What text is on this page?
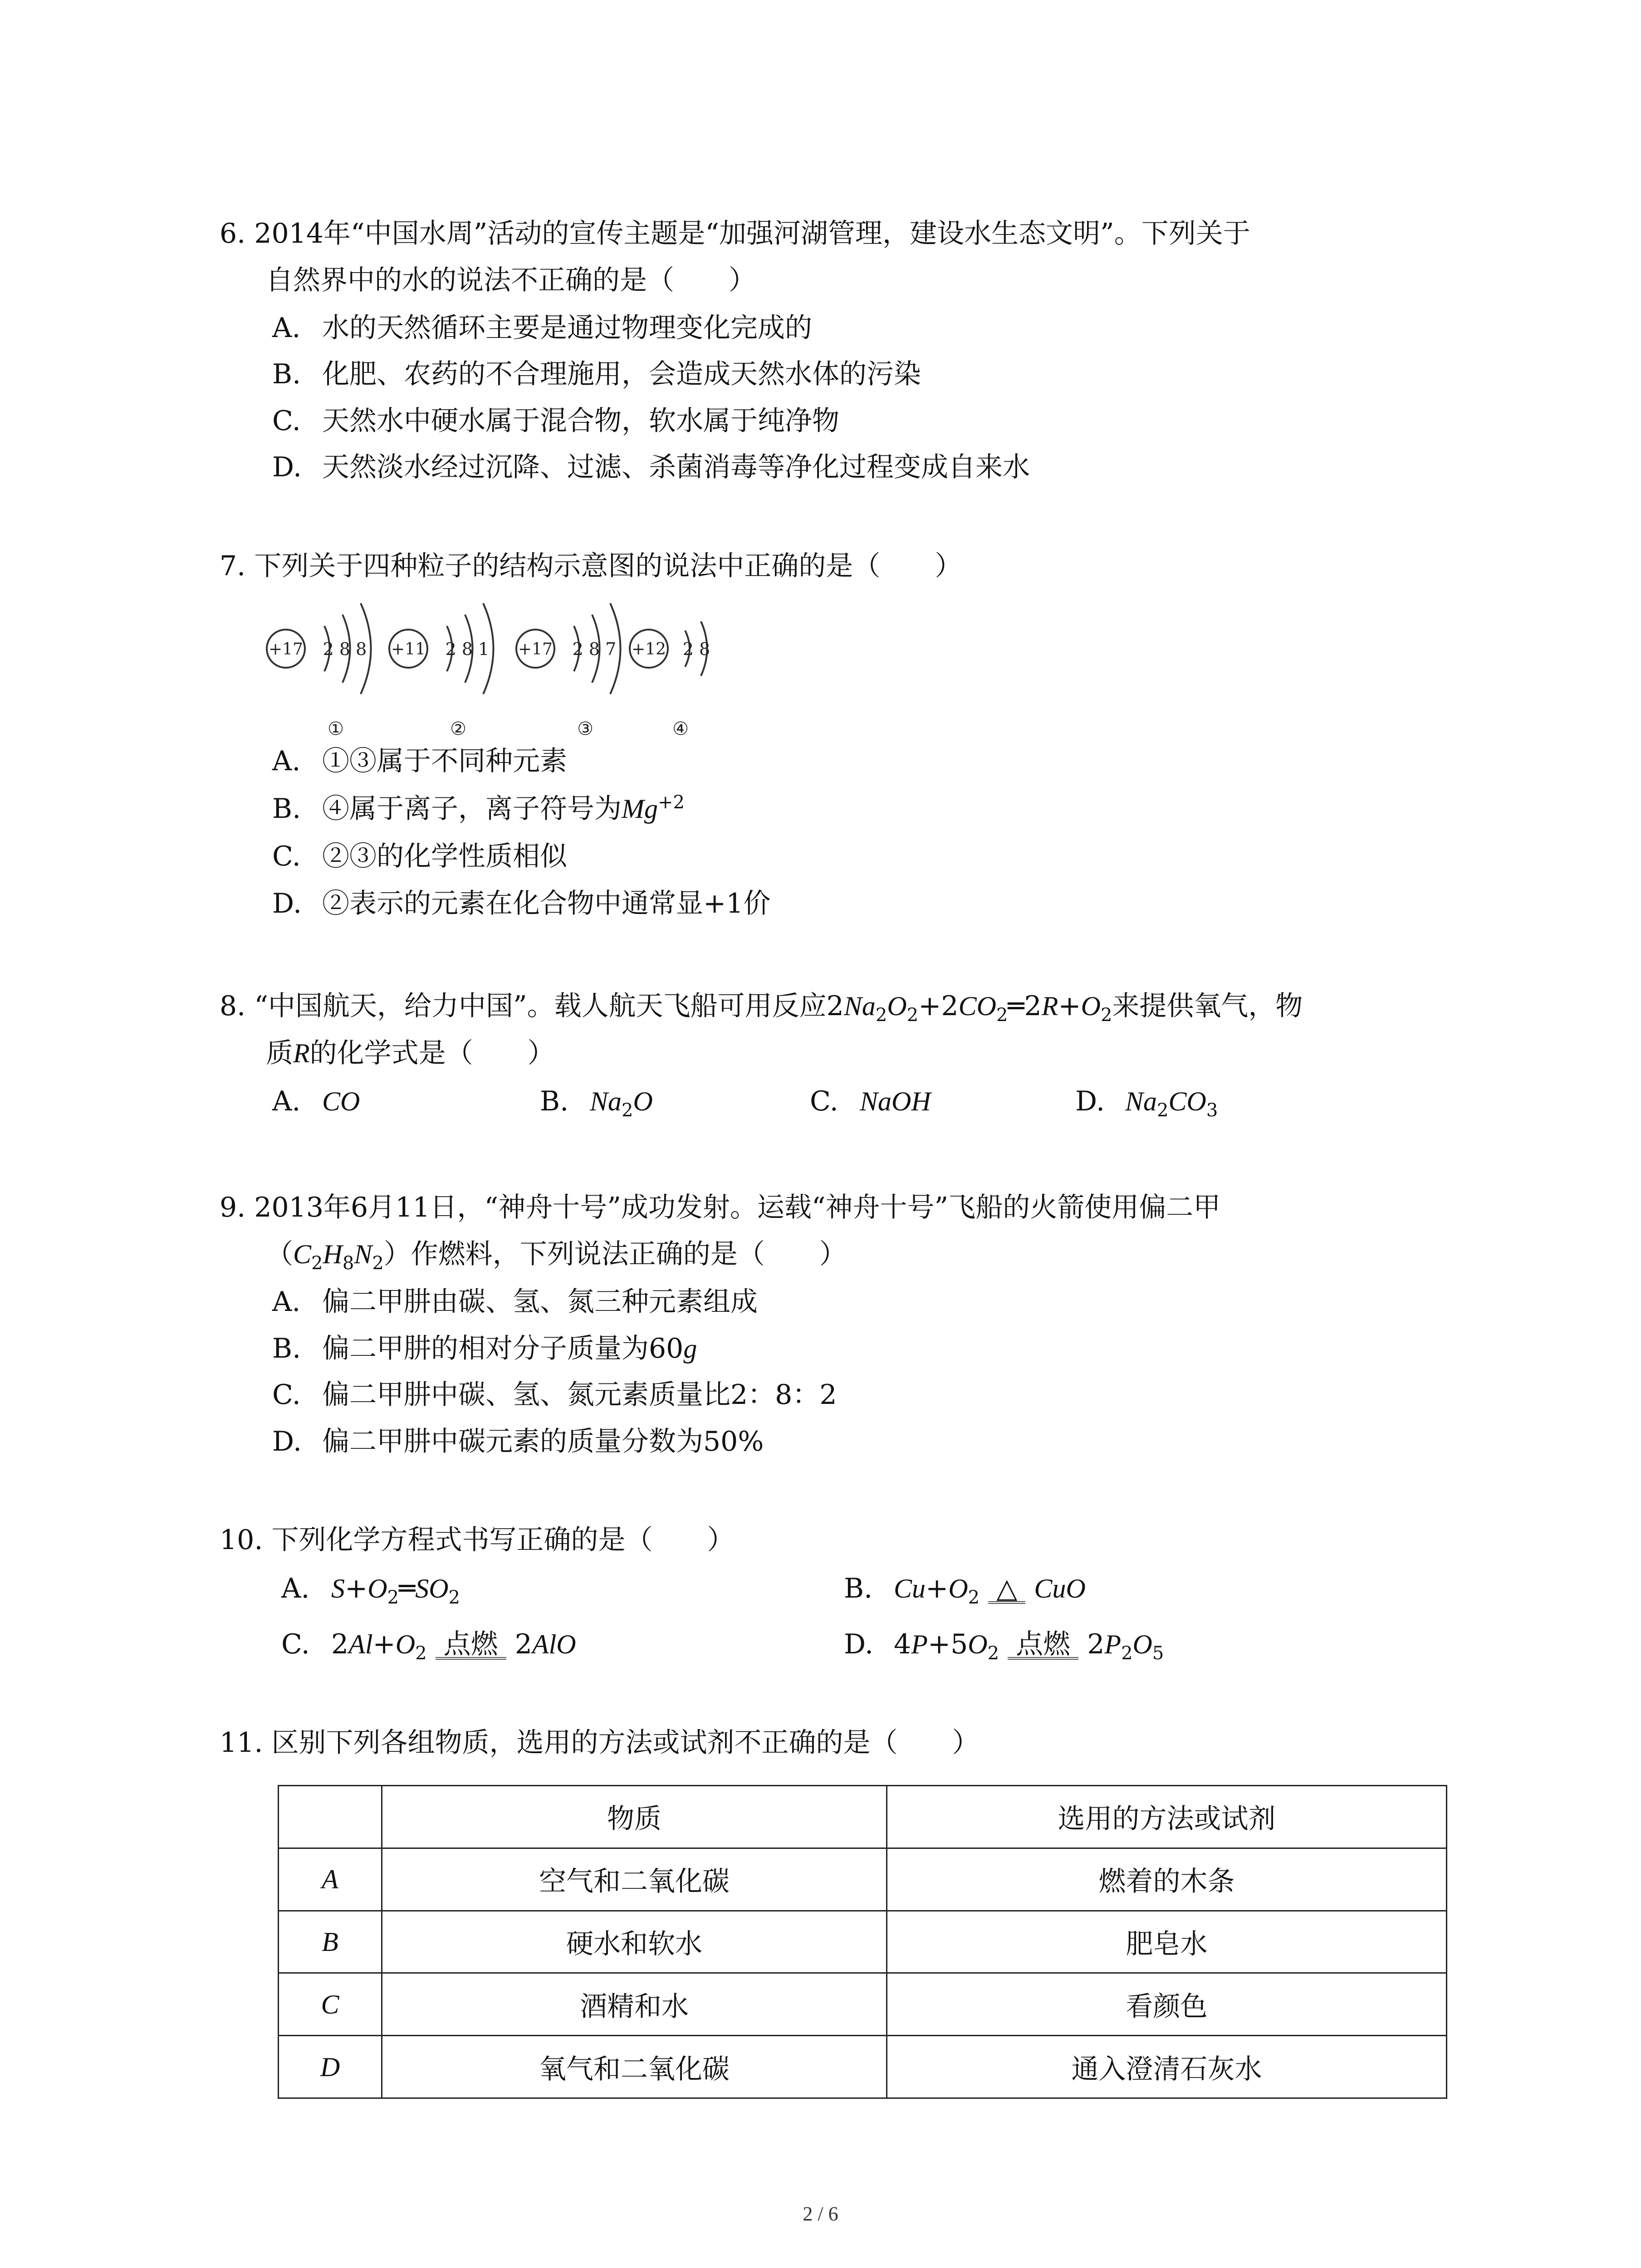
6. 2014年“中国水周”活动的宣传主题是“加强河湖管理，建设水生态文明”。下列关于
自然界中的水的说法不正确的是（　　）
A. 水的天然循环主要是通过物理变化完成的
B. 化肥、农药的不合理施用，会造成天然水体的污染
C. 天然水中硬水属于混合物，软水属于纯净物
D. 天然淡水经过沉降、过滤、杀菌消毒等净化过程变成自来水
7. 下列关于四种粒子的结构示意图的说法中正确的是（　　）
+17 2 8 8
①
+11 2 8 1
②
+17 2 8 7
③
+12 2 8
④
A. ①③属于不同种元素
B. ④属于离子，离子符号为$Mg^{+2}$
C. ②③的化学性质相似
D. ②表示的元素在化合物中通常显+1价
8. “中国航天，给力中国”。载人航天飞船可用反应$2Na_2O_2+2CO_2═2R+O_2$来提供氧气，物
质R的化学式是（　　）
A. CO	B. $Na_2O$	C. NaOH	D. $Na_2CO_3$
9. 2013年6月11日，“神舟十号”成功发射。运载“神舟十号”飞船的火箭使用偏二甲
$(C_2H_8N_2)$作燃料，下列说法正确的是（　　）
A. 偏二甲肼由碳、氢、氮三种元素组成
B. 偏二甲肼的相对分子质量为60g
C. 偏二甲肼中碳、氢、氮元素质量比2：8：2
D. 偏二甲肼中碳元素的质量分数为50%
10. 下列化学方程式书写正确的是（　　）
A. $S+O_2═SO_2$	B. $Cu+O_2$ △ CuO
C. $2Al+O_2$ 点燃 2AlO	D. $4P+5O_2$ 点燃 $2P_2O_5$
11. 区别下列各组物质，选用的方法或试剂不正确的是（　　）
	物质	选用的方法或试剂
A	空气和二氧化碳	燃着的木条
B	硬水和软水	肥皂水
C	酒精和水	看颜色
D	氧气和二氧化碳	通入澄清石灰水
2 / 6
